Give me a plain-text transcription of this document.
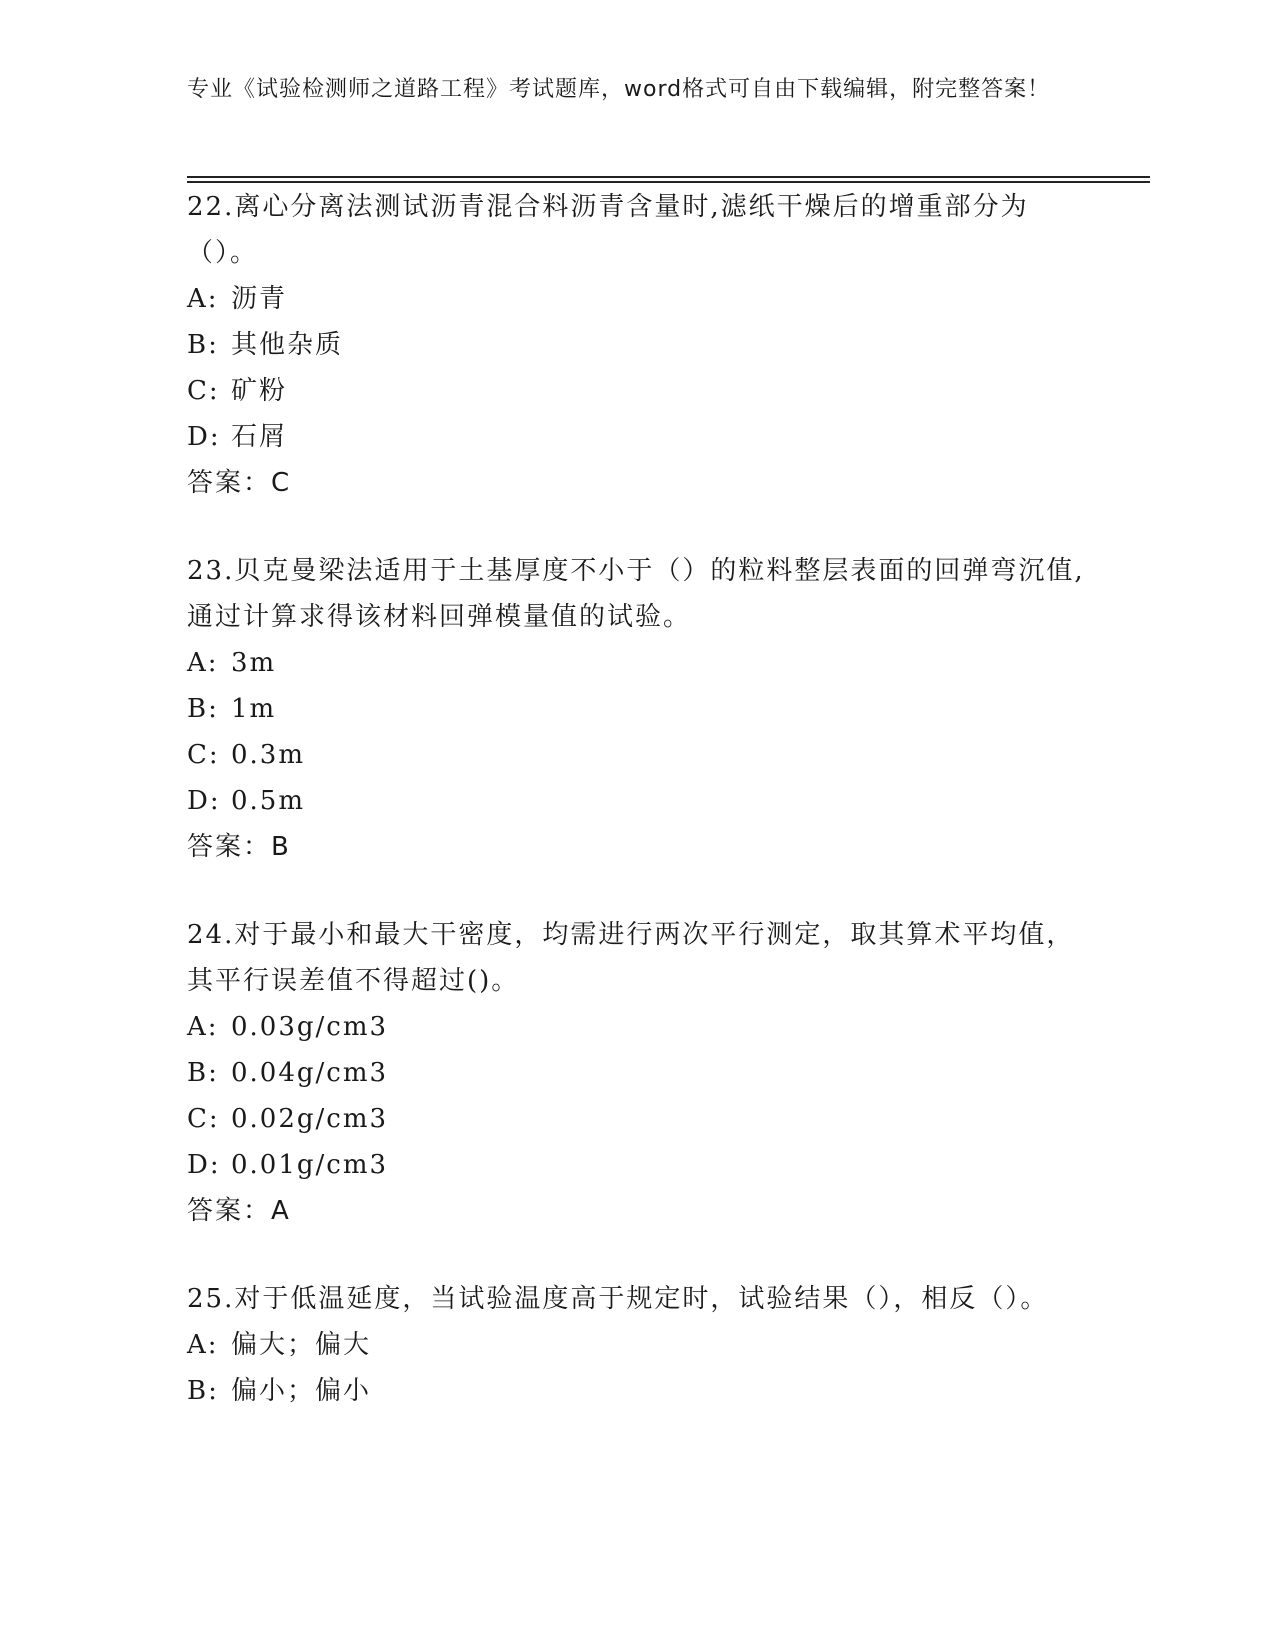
专业《试验检测师之道路工程》考试题库，word格式可自由下载编辑，附完整答案！

22.离心分离法测试沥青混合料沥青含量时,滤纸干燥后的增重部分为（）。

A: 沥青

B: 其他杂质

C: 矿粉

D: 石屑

答案：C

23.贝克曼梁法适用于土基厚度不小于（）的粒料整层表面的回弹弯沉值,通过计算求得该材料回弹模量值的试验。

A: 3m

B: 1m

C: 0.3m

D: 0.5m

答案：B

24.对于最小和最大干密度，均需进行两次平行测定，取其算术平均值，其平行误差值不得超过()。

A: 0.03g/cm3

B: 0.04g/cm3

C: 0.02g/cm3

D: 0.01g/cm3

答案：A

25.对于低温延度，当试验温度高于规定时，试验结果（），相反（）。

A: 偏大；偏大

B: 偏小；偏小
